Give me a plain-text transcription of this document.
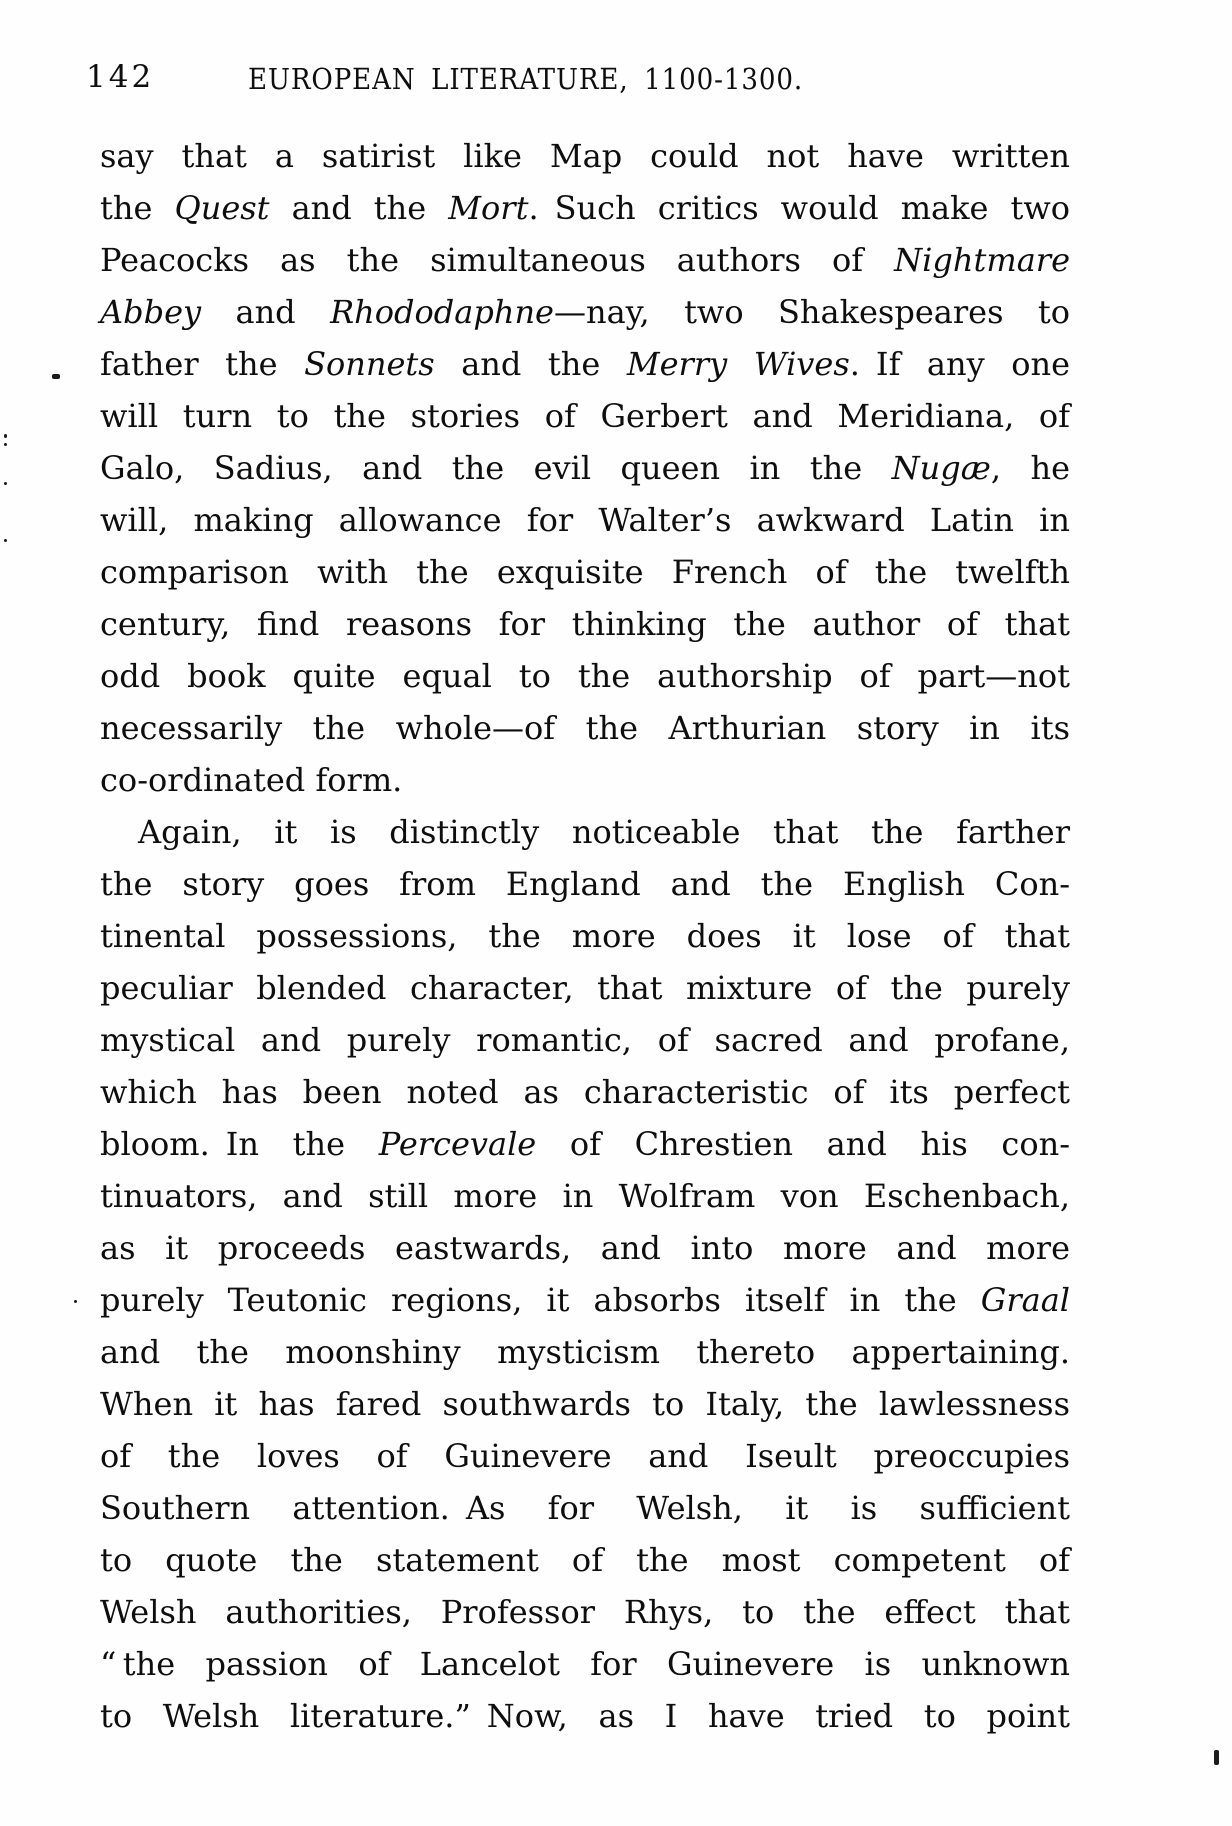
142	EUROPEAN LITERATURE, 1100-1300.
say that a satirist like Map could not have written
the Quest and the Mort. Such critics would make two
Peacocks as the simultaneous authors of Nightmare
Abbey and Rhododaphne—nay, two Shakespeares to
father the Sonnets and the Merry Wives. If any one
will turn to the stories of Gerbert and Meridiana, of
Galo, Sadius, and the evil queen in the Nugæ, he
will, making allowance for Walter’s awkward Latin in
comparison with the exquisite French of the twelfth
century, find reasons for thinking the author of that
odd book quite equal to the authorship of part—not
necessarily the whole—of the Arthurian story in its
co-ordinated form.
Again, it is distinctly noticeable that the farther
the story goes from England and the English Con-
tinental possessions, the more does it lose of that
peculiar blended character, that mixture of the purely
mystical and purely romantic, of sacred and profane,
which has been noted as characteristic of its perfect
bloom. In the Percevale of Chrestien and his con-
tinuators, and still more in Wolfram von Eschenbach,
as it proceeds eastwards, and into more and more
purely Teutonic regions, it absorbs itself in the Graal
and the moonshiny mysticism thereto appertaining.
When it has fared southwards to Italy, the lawlessness
of the loves of Guinevere and Iseult preoccupies
Southern attention. As for Welsh, it is sufficient
to quote the statement of the most competent of
Welsh authorities, Professor Rhys, to the effect that
“ the passion of Lancelot for Guinevere is unknown
to Welsh literature.” Now, as I have tried to point
